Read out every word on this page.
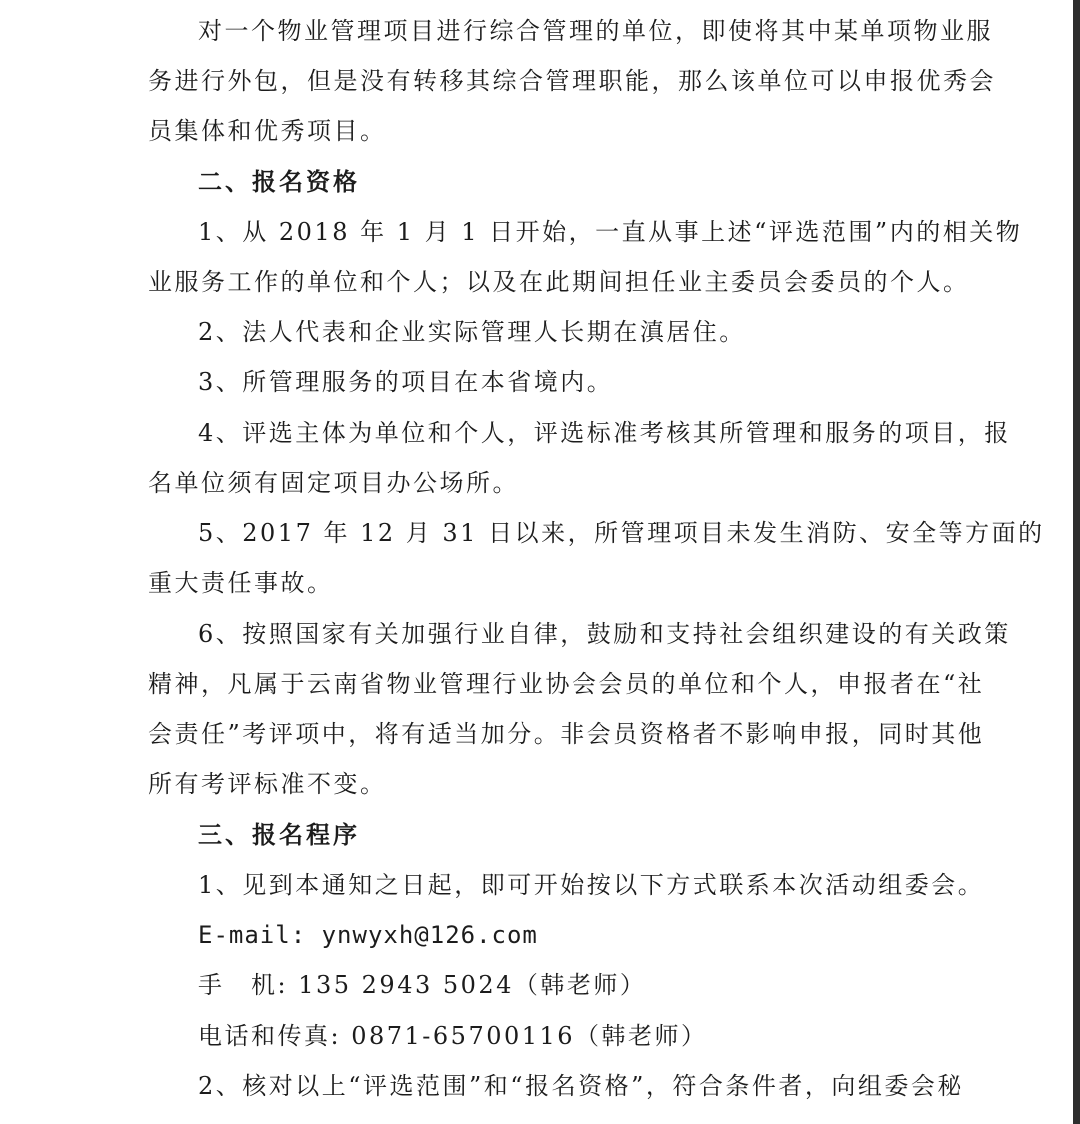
对一个物业管理项目进行综合管理的单位，即使将其中某单项物业服
务进行外包，但是没有转移其综合管理职能，那么该单位可以申报优秀会
员集体和优秀项目。
二、报名资格
1、从 2018 年 1 月 1 日开始，一直从事上述“评选范围”内的相关物
业服务工作的单位和个人；以及在此期间担任业主委员会委员的个人。
2、法人代表和企业实际管理人长期在滇居住。
3、所管理服务的项目在本省境内。
4、评选主体为单位和个人，评选标准考核其所管理和服务的项目，报
名单位须有固定项目办公场所。
5、2017 年 12 月 31 日以来，所管理项目未发生消防、安全等方面的
重大责任事故。
6、按照国家有关加强行业自律，鼓励和支持社会组织建设的有关政策
精神，凡属于云南省物业管理行业协会会员的单位和个人，申报者在“社
会责任”考评项中，将有适当加分。非会员资格者不影响申报，同时其他
所有考评标准不变。
三、报名程序
1、见到本通知之日起，即可开始按以下方式联系本次活动组委会。
E-mail: ynwyxh@126.com
手　机: 135 2943 5024（韩老师）
电话和传真: 0871-65700116（韩老师）
2、核对以上“评选范围”和“报名资格”，符合条件者，向组委会秘
